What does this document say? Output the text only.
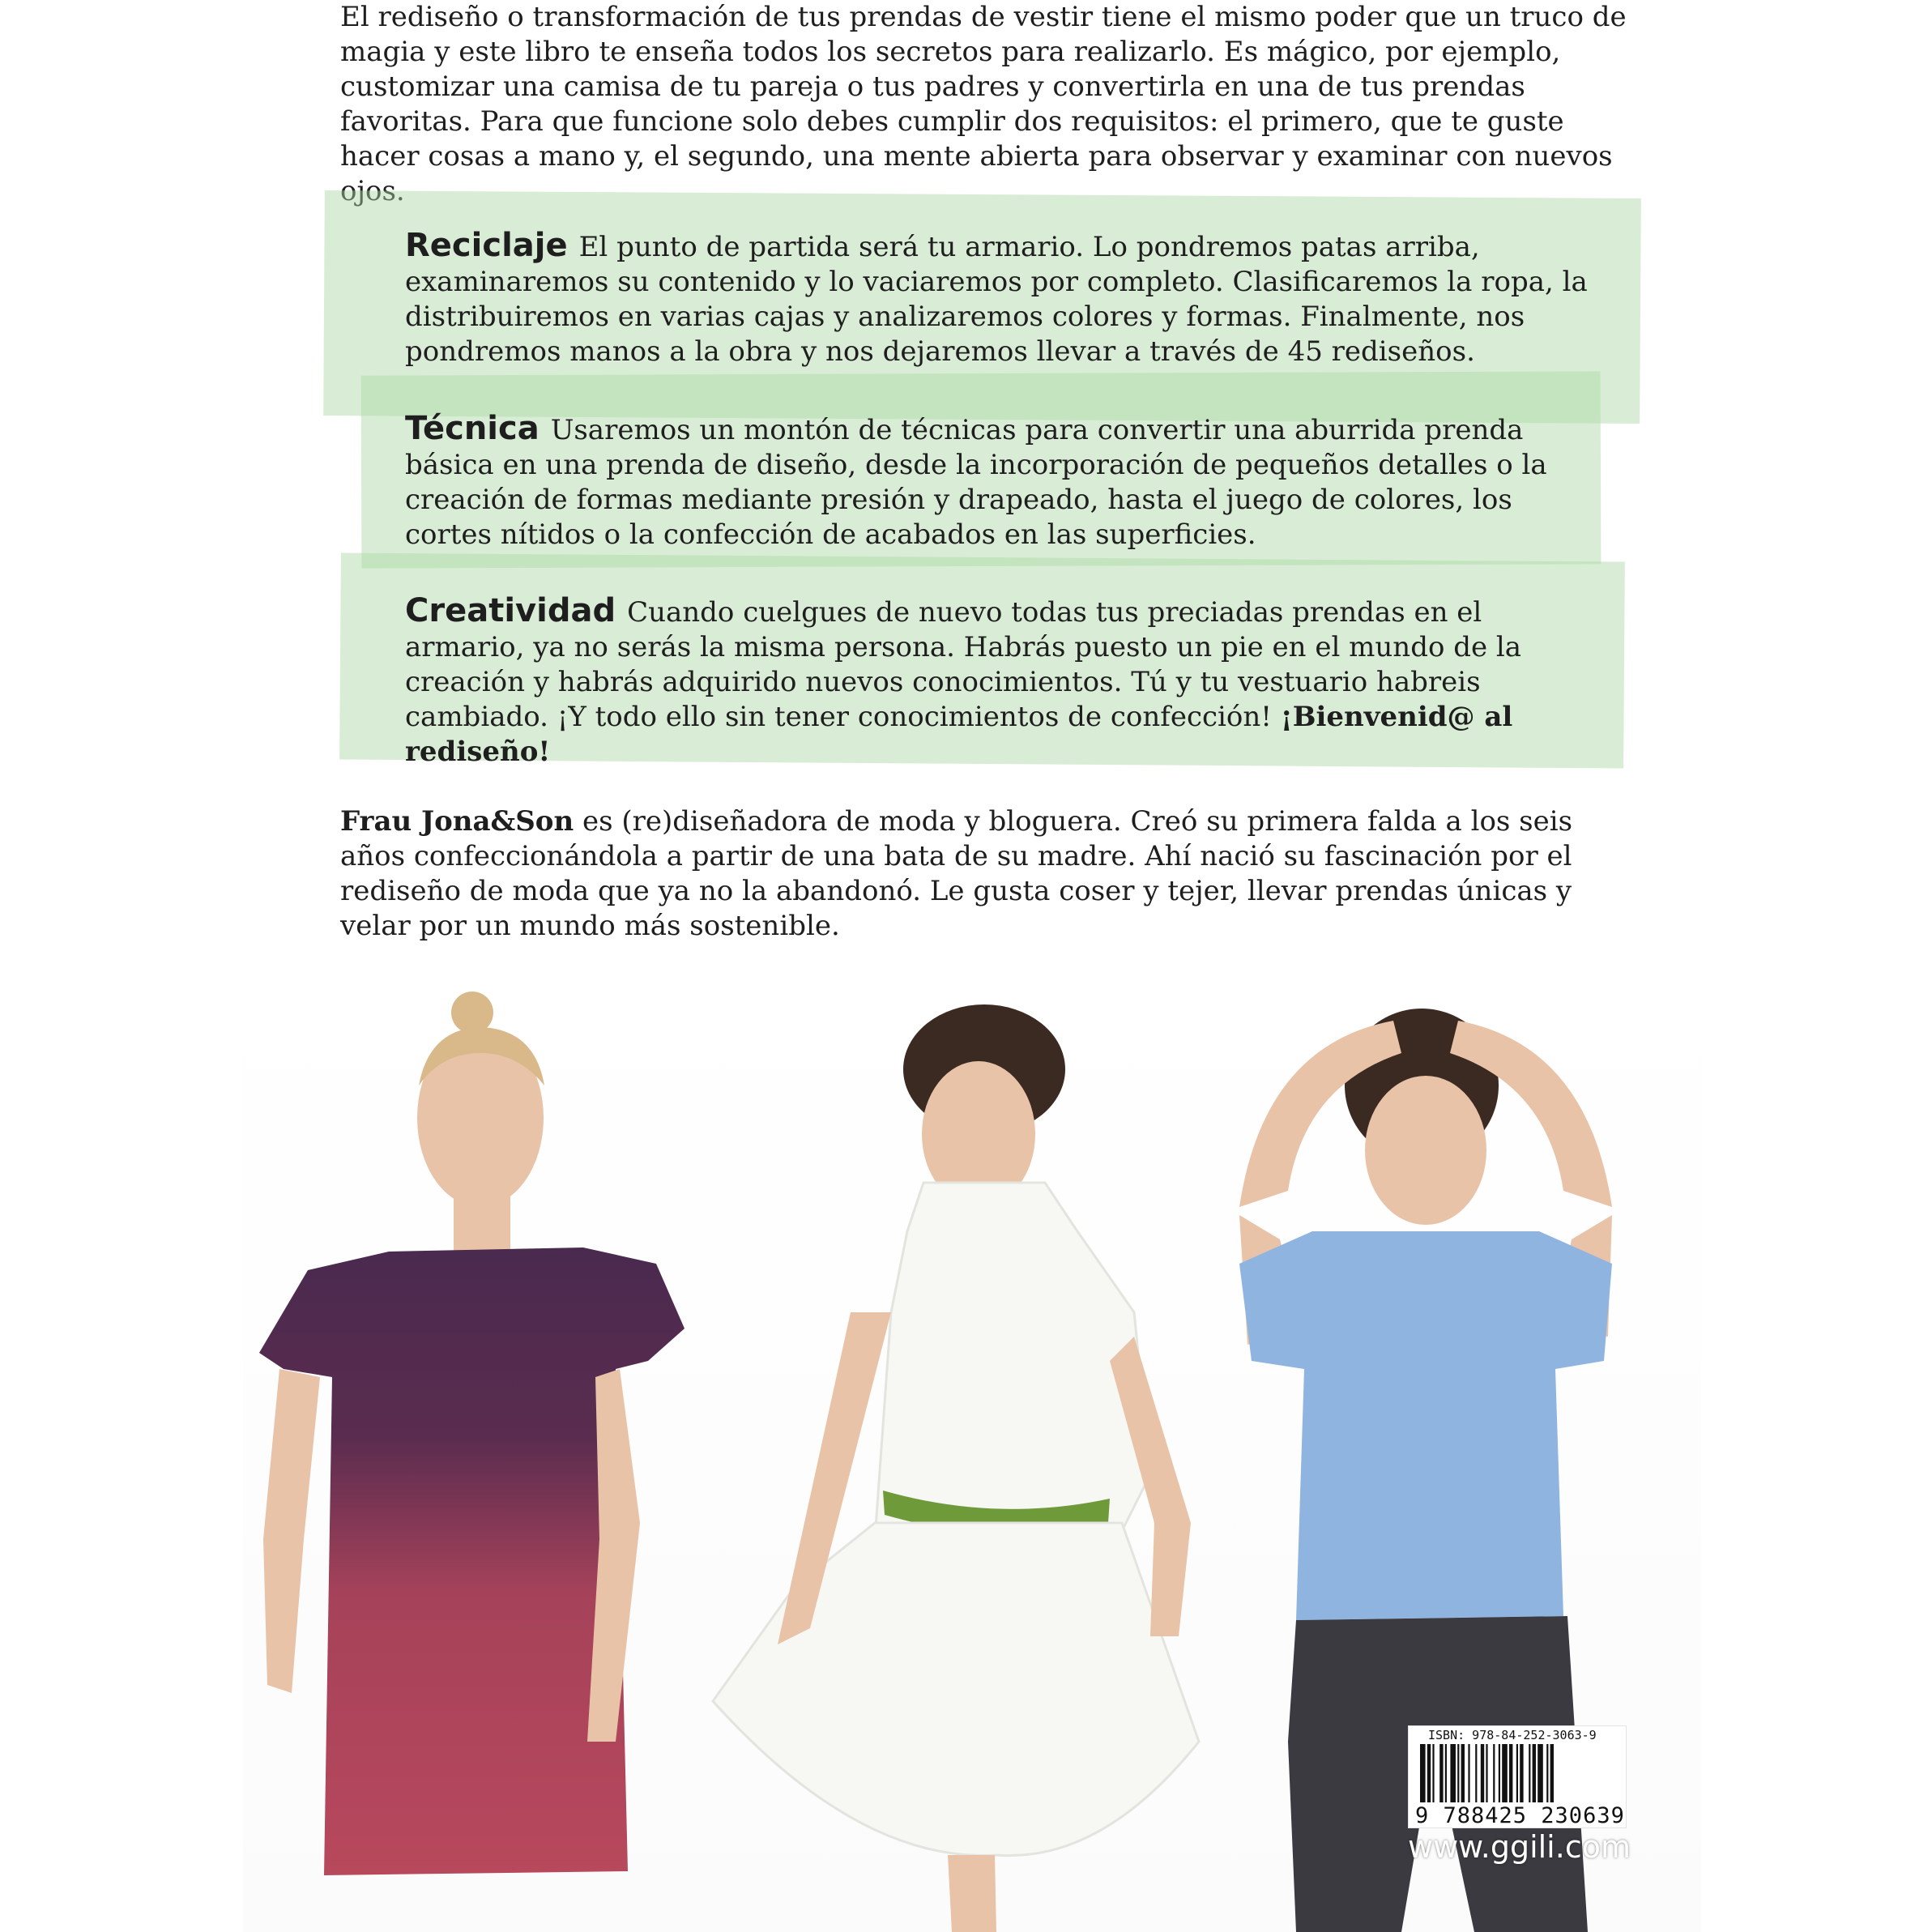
El rediseño o transformación de tus prendas de vestir tiene el mismo poder que un truco de magia y este libro te enseña todos los secretos para realizarlo. Es mágico, por ejemplo, customizar una camisa de tu pareja o tus padres y convertirla en una de tus prendas favoritas. Para que funcione solo debes cumplir dos requisitos: el primero, que te guste hacer cosas a mano y, el segundo, una mente abierta para observar y examinar con nuevos ojos.

Reciclaje El punto de partida será tu armario. Lo pondremos patas arriba, examinaremos su contenido y lo vaciaremos por completo. Clasificaremos la ropa, la distribuiremos en varias cajas y analizaremos colores y formas. Finalmente, nos pondremos manos a la obra y nos dejaremos llevar a través de 45 rediseños.

Técnica Usaremos un montón de técnicas para convertir una aburrida prenda básica en una prenda de diseño, desde la incorporación de pequeños detalles o la creación de formas mediante presión y drapeado, hasta el juego de colores, los cortes nítidos o la confección de acabados en las superficies.

Creatividad Cuando cuelgues de nuevo todas tus preciadas prendas en el armario, ya no serás la misma persona. Habrás puesto un pie en el mundo de la creación y habrás adquirido nuevos conocimientos. Tú y tu vestuario habreis cambiado. ¡Y todo ello sin tener conocimientos de confección! ¡Bienvenid@ al rediseño!

Frau Jona&Son es (re)diseñadora de moda y bloguera. Creó su primera falda a los seis años confeccionándola a partir de una bata de su madre. Ahí nació su fascinación por el rediseño de moda que ya no la abandonó. Le gusta coser y tejer, llevar prendas únicas y velar por un mundo más sostenible.

ISBN: 978-84-252-3063-9
9 788425 230639
www.ggili.com
